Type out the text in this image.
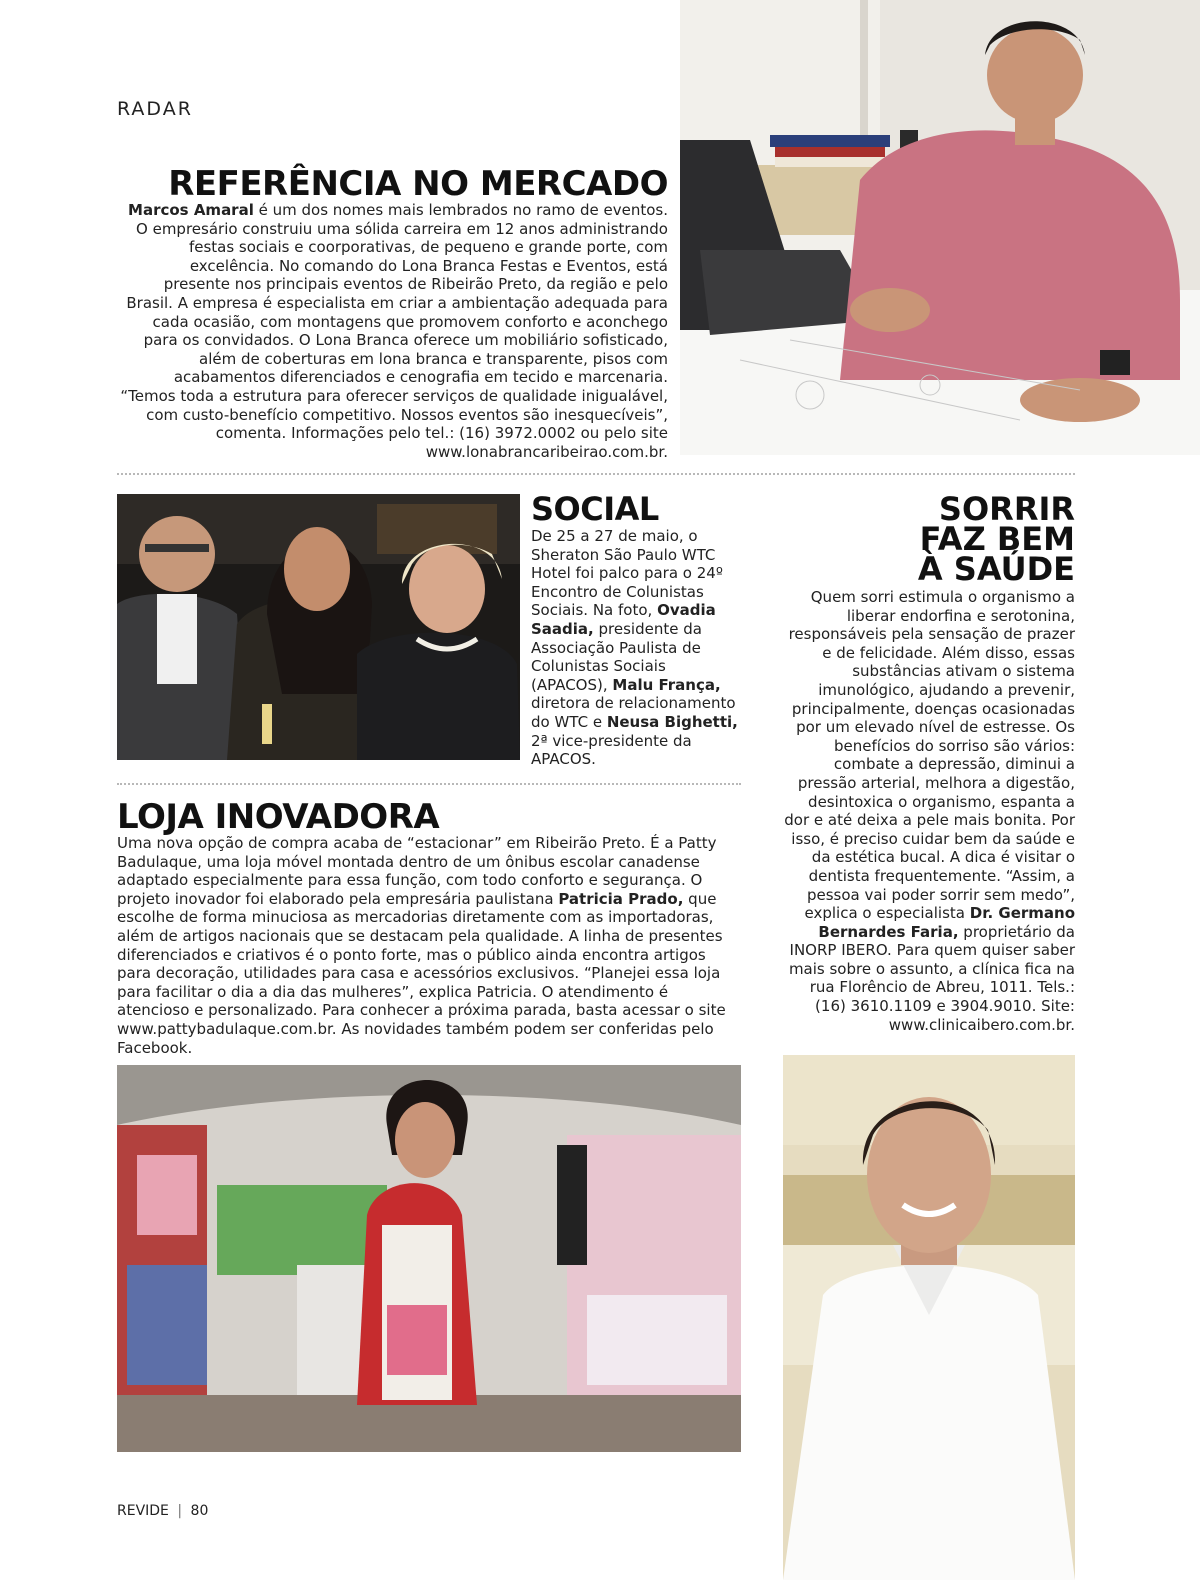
RADAR
REFERÊNCIA NO MERCADO

Marcos Amaral é um dos nomes mais lembrados no ramo de eventos. O empresário construiu uma sólida carreira em 12 anos administrando festas sociais e coorporativas, de pequeno e grande porte, com excelência. No comando do Lona Branca Festas e Eventos, está presente nos principais eventos de Ribeirão Preto, da região e pelo Brasil. A empresa é especialista em criar a ambientação adequada para cada ocasião, com montagens que promovem conforto e aconchego para os convidados. O Lona Branca oferece um mobiliário sofisticado, além de coberturas em lona branca e transparente, pisos com acabamentos diferenciados e cenografia em tecido e marcenaria. “Temos toda a estrutura para oferecer serviços de qualidade inigualável, com custo-benefício competitivo. Nossos eventos são inesquecíveis”, comenta. Informações pelo tel.: (16) 3972.0002 ou pelo site www.lonabrancaribeirao.com.br.

SOCIAL

De 25 a 27 de maio, o Sheraton São Paulo WTC Hotel foi palco para o 24º Encontro de Colunistas Sociais. Na foto, Ovadia Saadia, presidente da Associação Paulista de Colunistas Sociais (APACOS), Malu França, diretora de relacionamento do WTC e Neusa Bighetti, 2ª vice-presidente da APACOS.

SORRIR
FAZ BEM
À SAÚDE

Quem sorri estimula o organismo a liberar endorfina e serotonina, responsáveis pela sensação de prazer e de felicidade. Além disso, essas substâncias ativam o sistema imunológico, ajudando a prevenir, principalmente, doenças ocasionadas por um elevado nível de estresse. Os benefícios do sorriso são vários: combate a depressão, diminui a pressão arterial, melhora a digestão, desintoxica o organismo, espanta a dor e até deixa a pele mais bonita. Por isso, é preciso cuidar bem da saúde e da estética bucal. A dica é visitar o dentista frequentemente. “Assim, a pessoa vai poder sorrir sem medo”, explica o especialista Dr. Germano Bernardes Faria, proprietário da INORP IBERO. Para quem quiser saber mais sobre o assunto, a clínica fica na rua Florêncio de Abreu, 1011. Tels.: (16) 3610.1109 e 3904.9010. Site: www.clinicaibero.com.br.

LOJA INOVADORA

Uma nova opção de compra acaba de “estacionar” em Ribeirão Preto. É a Patty Badulaque, uma loja móvel montada dentro de um ônibus escolar canadense adaptado especialmente para essa função, com todo conforto e segurança. O projeto inovador foi elaborado pela empresária paulistana Patricia Prado, que escolhe de forma minuciosa as mercadorias diretamente com as importadoras, além de artigos nacionais que se destacam pela qualidade. A linha de presentes diferenciados e criativos é o ponto forte, mas o público ainda encontra artigos para decoração, utilidades para casa e acessórios exclusivos. “Planejei essa loja para facilitar o dia a dia das mulheres”, explica Patricia. O atendimento é atencioso e personalizado. Para conhecer a próxima parada, basta acessar o site www.pattybadulaque.com.br. As novidades também podem ser conferidas pelo Facebook.

REVIDE | 80
